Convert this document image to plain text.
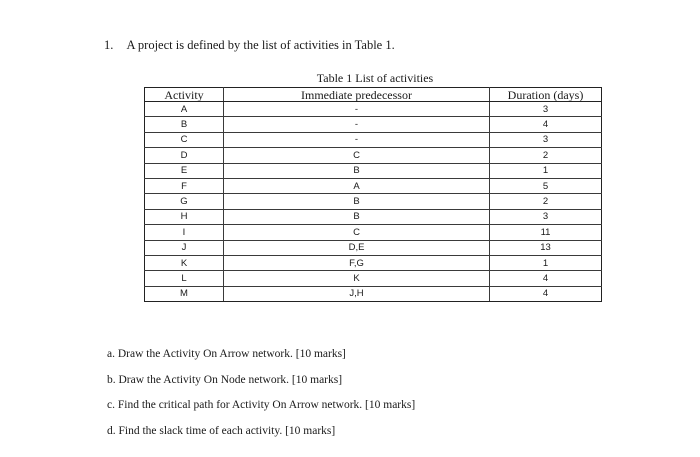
1. A project is defined by the list of activities in Table 1.
Table 1 List of activities
Activity	Immediate predecessor	Duration (days)
A	-	3
B	-	4
C	-	3
D	C	2
E	B	1
F	A	5
G	B	2
H	B	3
I	C	11
J	D,E	13
K	F,G	1
L	K	4
M	J,H	4
a. Draw the Activity On Arrow network. [10 marks]
b. Draw the Activity On Node network. [10 marks]
c. Find the critical path for Activity On Arrow network. [10 marks]
d. Find the slack time of each activity. [10 marks]
